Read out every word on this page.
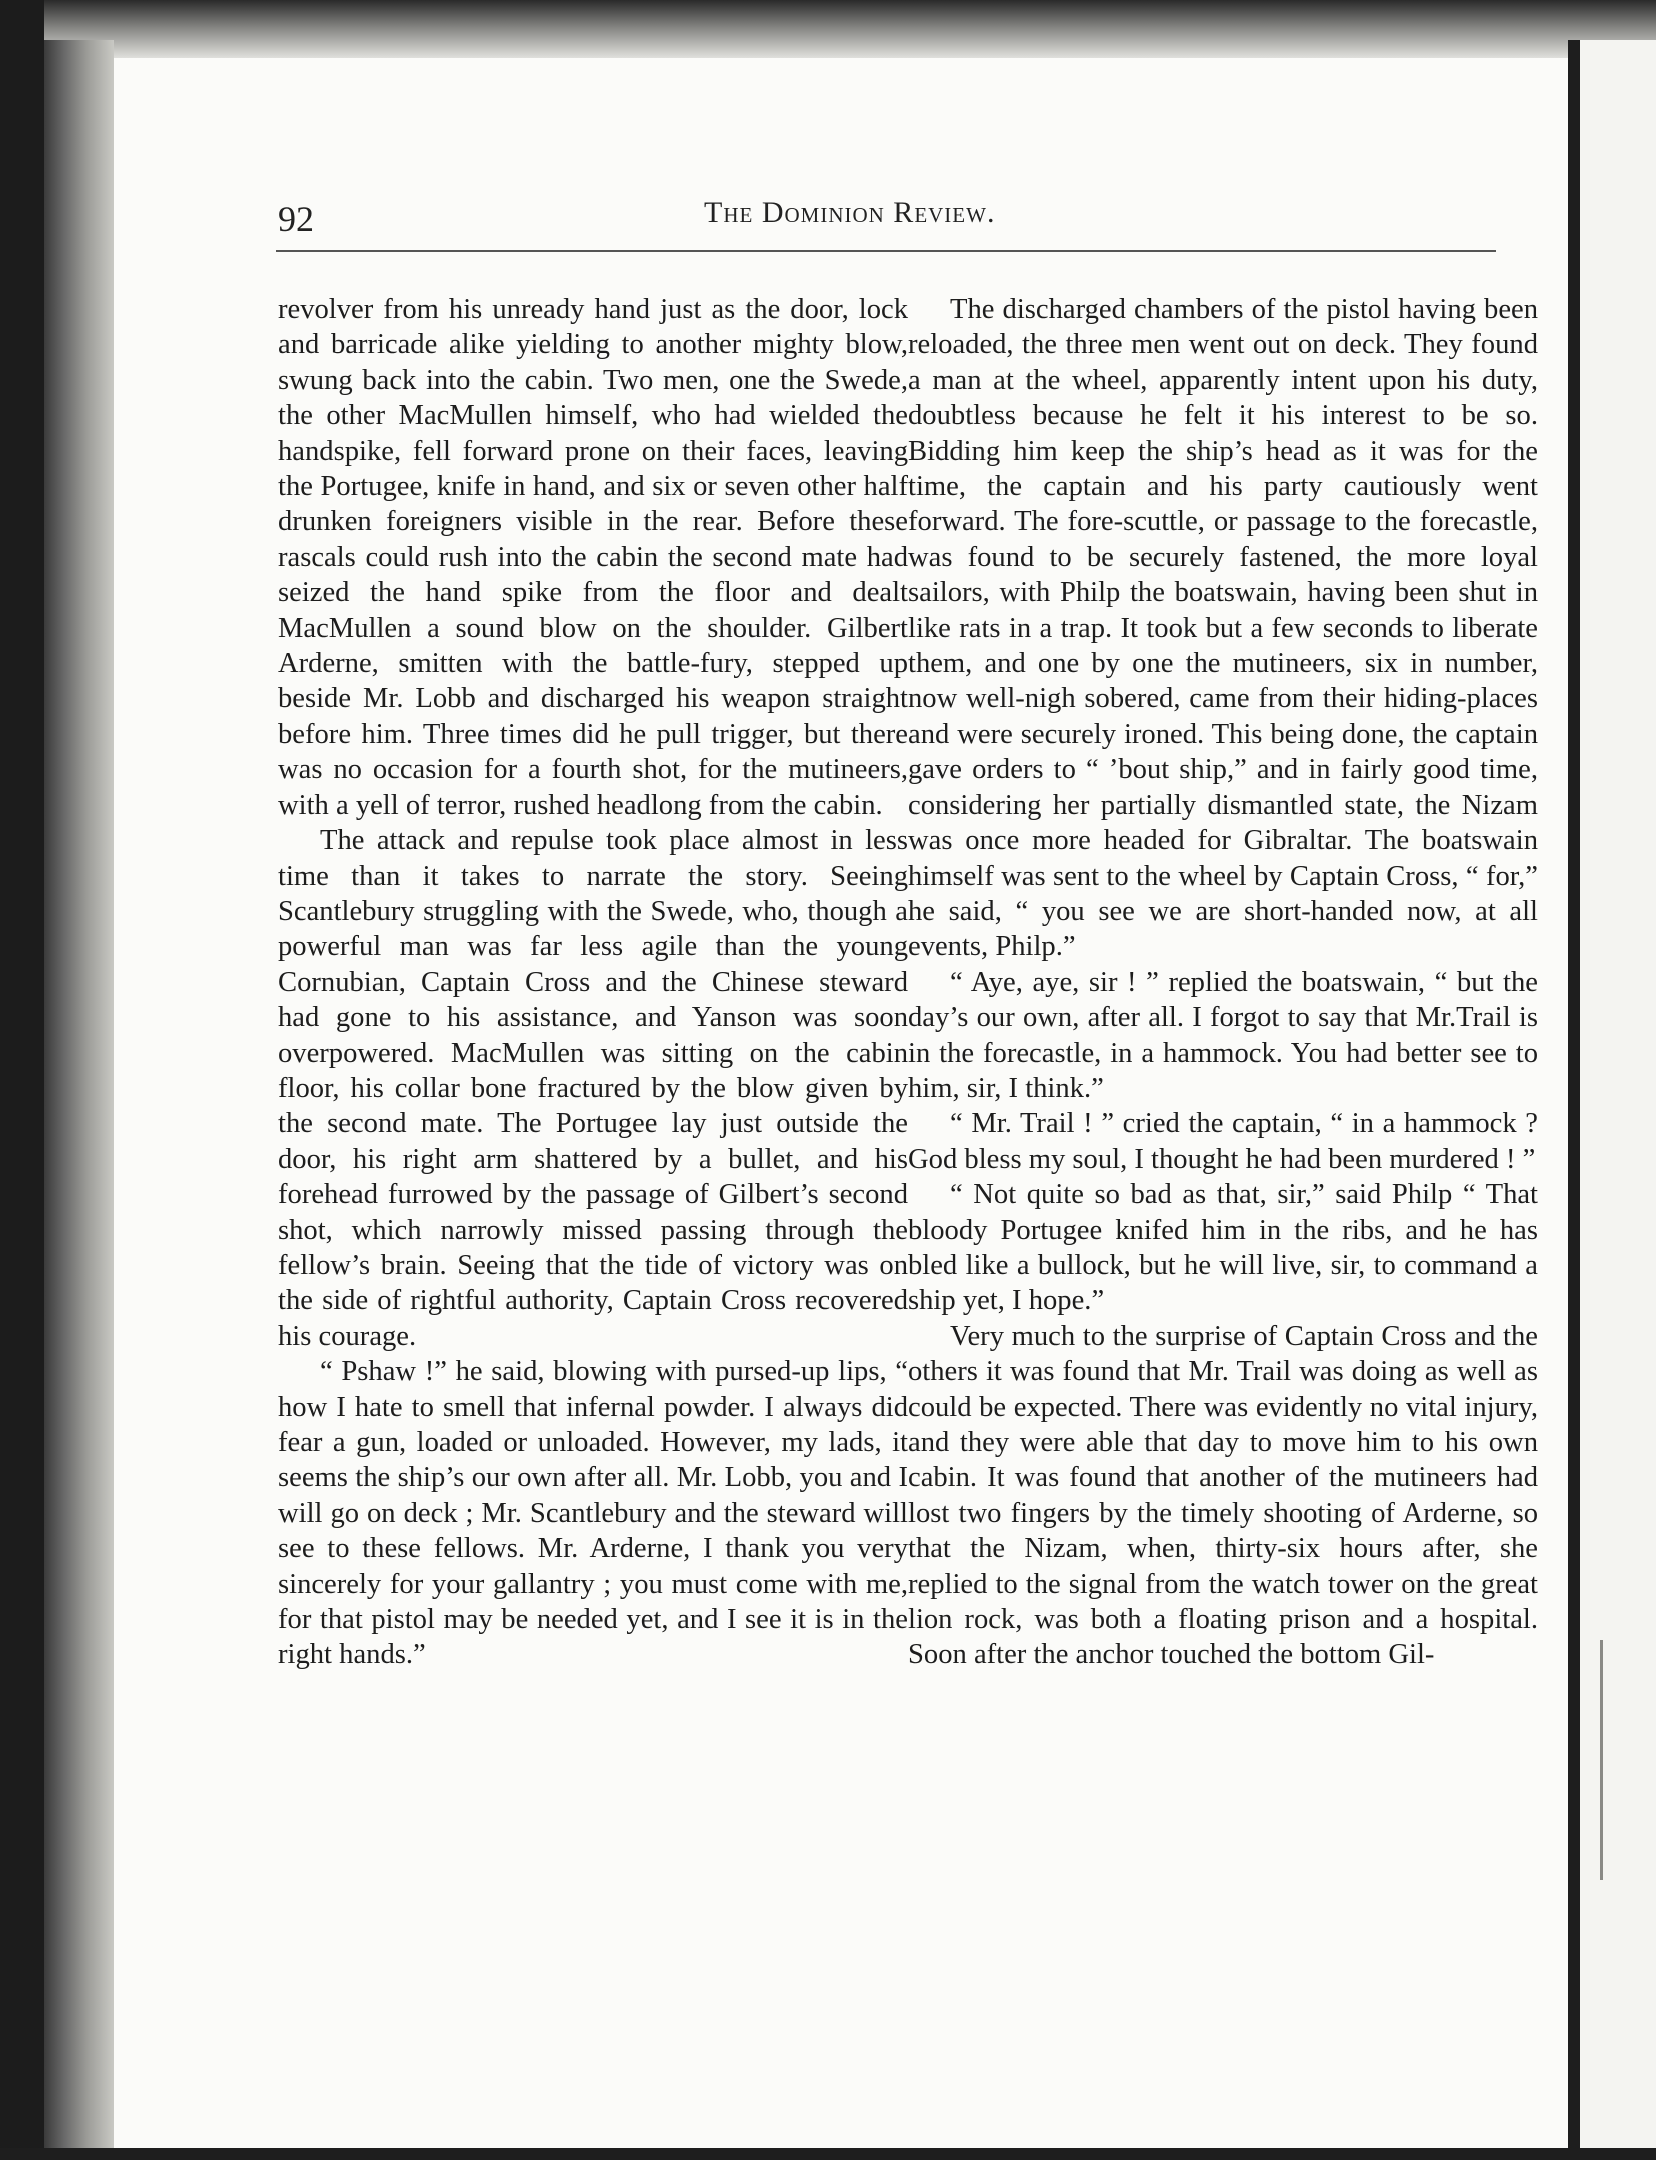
92	The Dominion Review.

revolver from his unready hand just as the door, lock and barricade alike yielding to another mighty blow, swung back into the cabin. Two men, one the Swede, the other MacMullen himself, who had wielded the handspike, fell forward prone on their faces, leaving the Portugee, knife in hand, and six or seven other half drunken foreigners visible in the rear. Before these rascals could rush into the cabin the second mate had seized the hand spike from the floor and dealt MacMullen a sound blow on the shoulder. Gilbert Arderne, smitten with the battle-fury, stepped up beside Mr. Lobb and discharged his weapon straight before him. Three times did he pull trigger, but there was no occasion for a fourth shot, for the mutineers, with a yell of terror, rushed headlong from the cabin.

The attack and repulse took place almost in less time than it takes to narrate the story. Seeing Scantlebury struggling with the Swede, who, though a powerful man was far less agile than the young Cornubian, Captain Cross and the Chinese steward had gone to his assistance, and Yanson was soon overpowered. MacMullen was sitting on the cabin floor, his collar bone fractured by the blow given by the second mate. The Portugee lay just outside the door, his right arm shattered by a bullet, and his forehead furrowed by the passage of Gilbert’s second shot, which narrowly missed passing through the fellow’s brain. Seeing that the tide of victory was on the side of rightful authority, Captain Cross recovered his courage.

“ Pshaw !” he said, blowing with pursed-up lips, “ how I hate to smell that infernal powder. I always did fear a gun, loaded or unloaded. However, my lads, it seems the ship’s our own after all. Mr. Lobb, you and I will go on deck ; Mr. Scantlebury and the steward will see to these fellows. Mr. Arderne, I thank you very sincerely for your gallantry ; you must come with me, for that pistol may be needed yet, and I see it is in the right hands.”

The discharged chambers of the pistol having been reloaded, the three men went out on deck. They found a man at the wheel, apparently intent upon his duty, doubtless because he felt it his interest to be so. Bidding him keep the ship’s head as it was for the time, the captain and his party cautiously went forward. The fore-scuttle, or passage to the forecastle, was found to be securely fastened, the more loyal sailors, with Philp the boatswain, having been shut in like rats in a trap. It took but a few seconds to liberate them, and one by one the mutineers, six in number, now well-nigh sobered, came from their hiding-places and were securely ironed. This being done, the captain gave orders to “ ’bout ship,” and in fairly good time, considering her partially dismantled state, the Nizam was once more headed for Gibraltar. The boatswain himself was sent to the wheel by Captain Cross, “ for,” he said, “ you see we are short-handed now, at all events, Philp.”

“ Aye, aye, sir ! ” replied the boatswain, “ but the day’s our own, after all. I forgot to say that Mr.Trail is in the forecastle, in a hammock. You had better see to him, sir, I think.”

“ Mr. Trail ! ” cried the captain, “ in a hammock ? God bless my soul, I thought he had been murdered ! ”

“ Not quite so bad as that, sir,” said Philp “ That bloody Portugee knifed him in the ribs, and he has bled like a bullock, but he will live, sir, to command a ship yet, I hope.”

Very much to the surprise of Captain Cross and the others it was found that Mr. Trail was doing as well as could be expected. There was evidently no vital injury, and they were able that day to move him to his own cabin. It was found that another of the mutineers had lost two fingers by the timely shooting of Arderne, so that the Nizam, when, thirty-six hours after, she replied to the signal from the watch tower on the great lion rock, was both a floating prison and a hospital. Soon after the anchor touched the bottom Gil-
